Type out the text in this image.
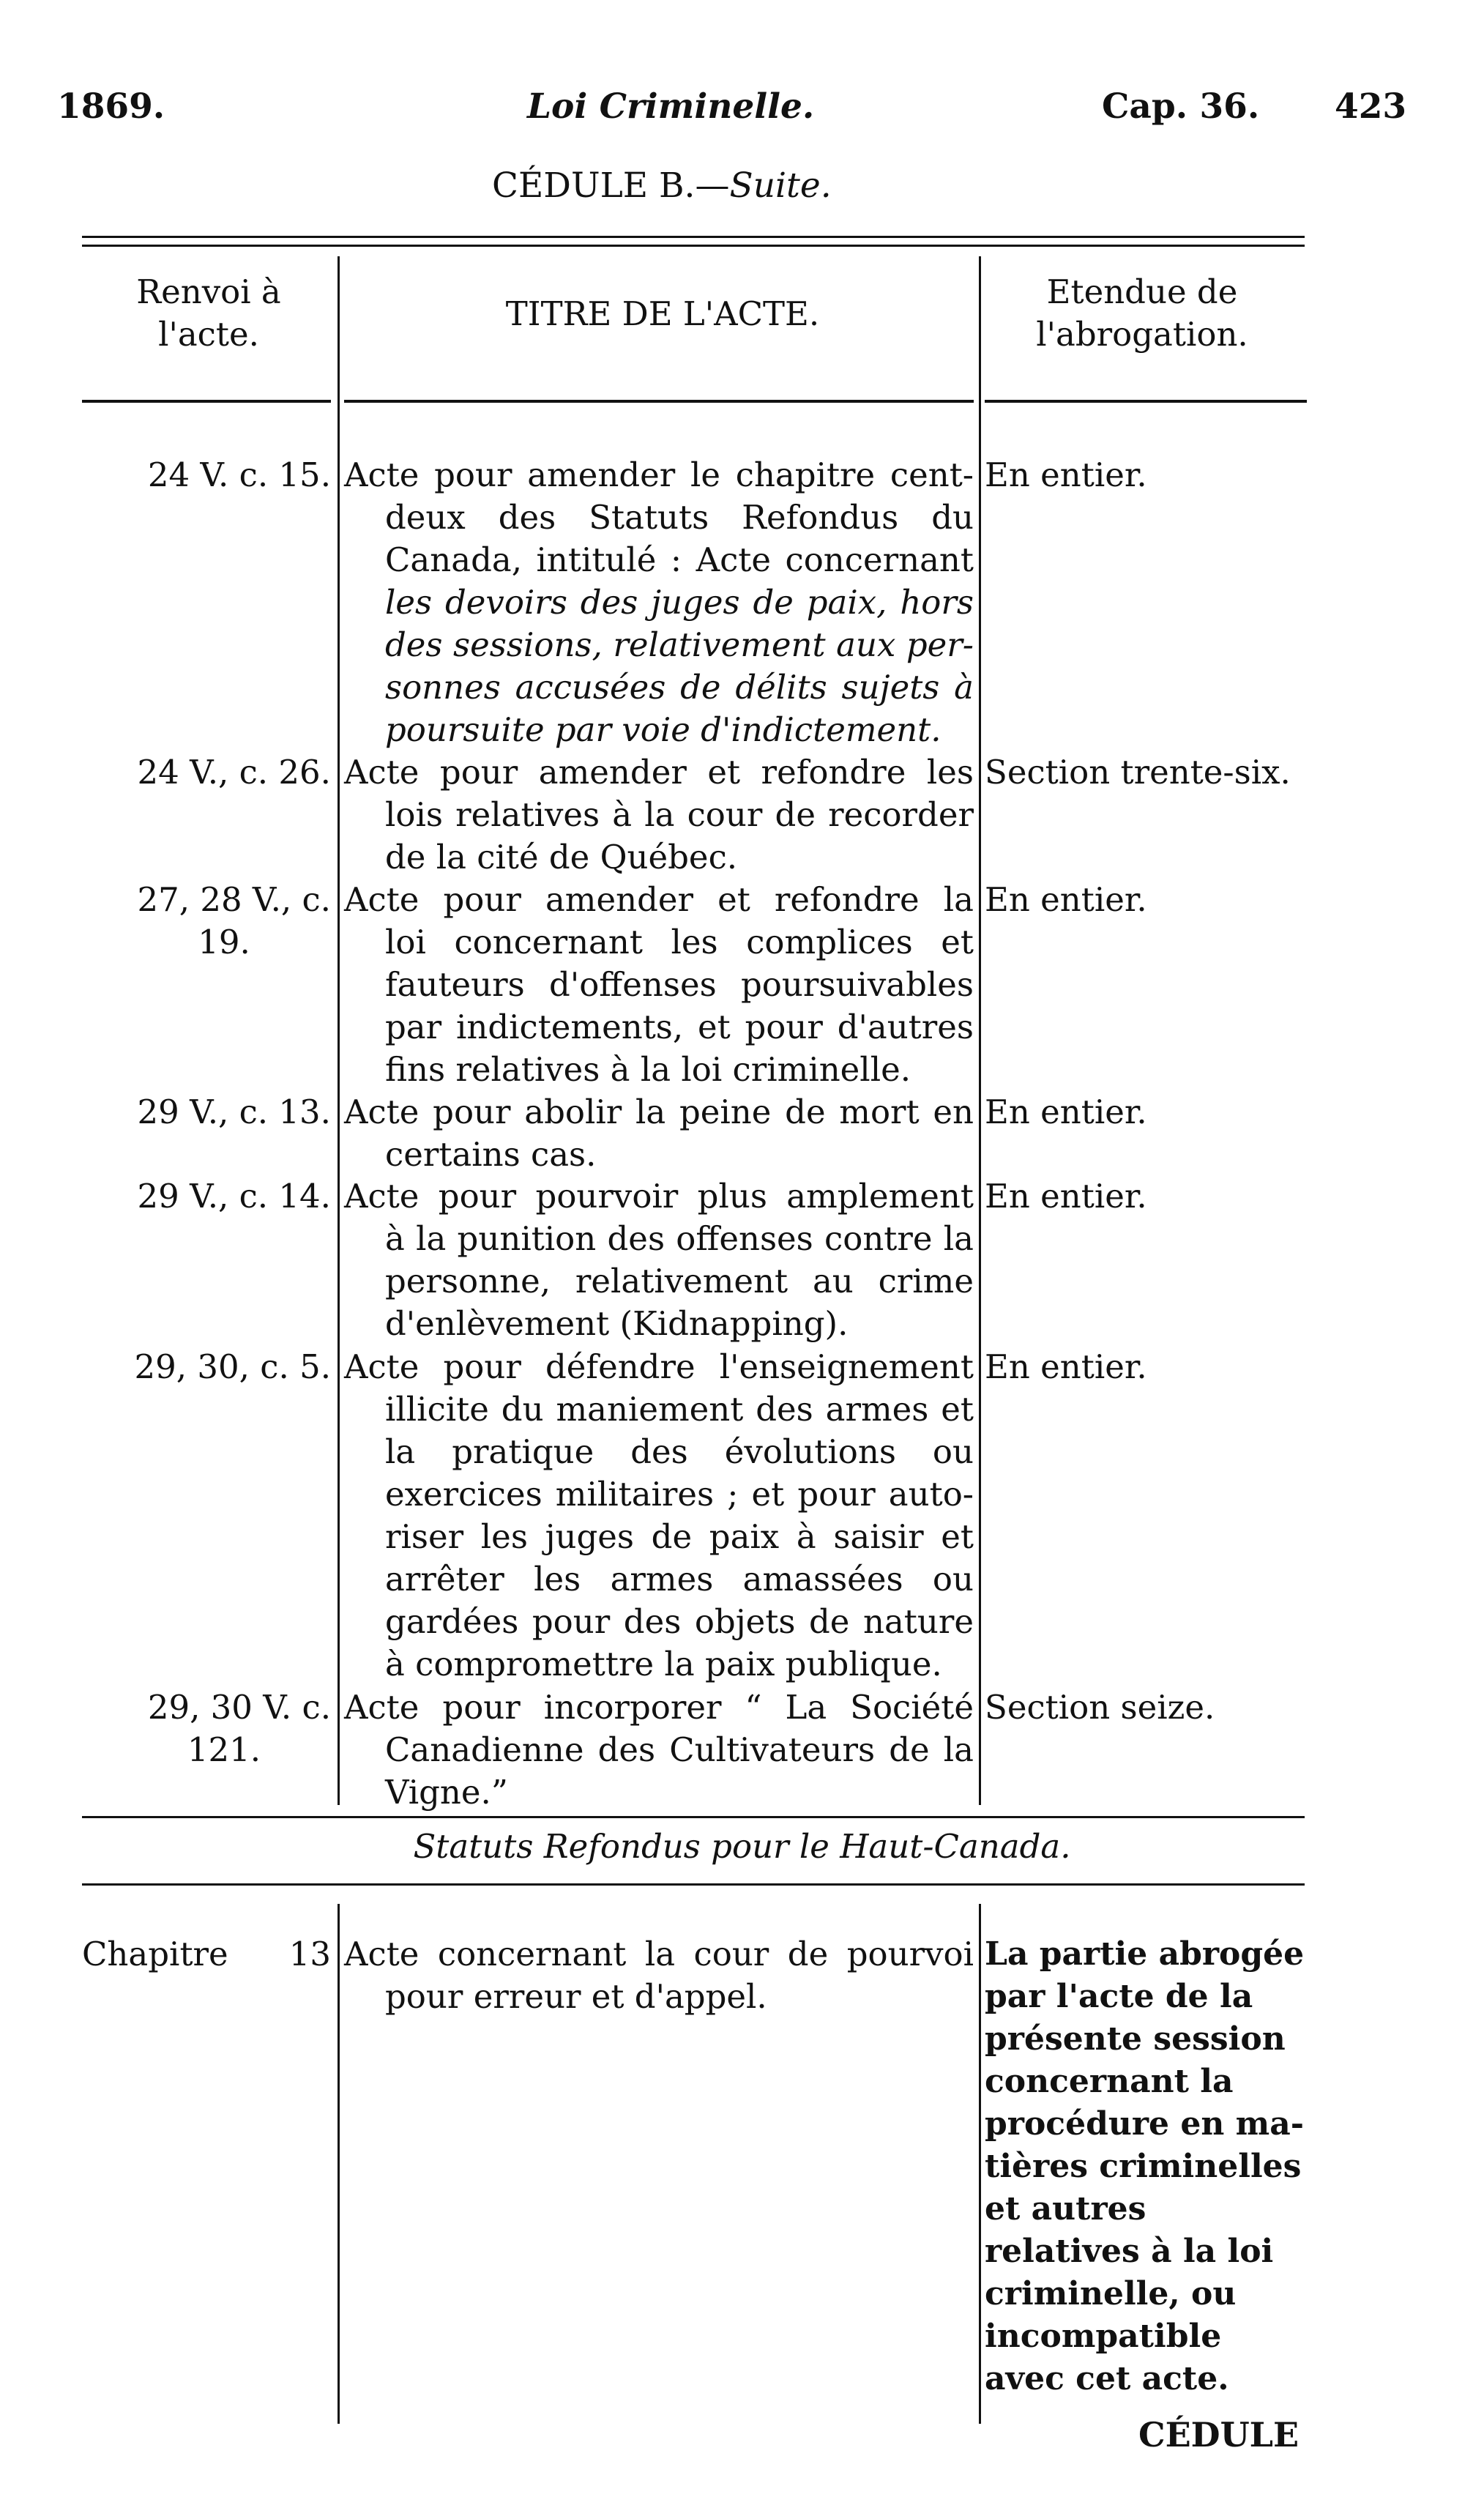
1869.	Loi Criminelle.	Cap. 36. 423
CÉDULE B.—Suite.
Renvoi à
l'acte.
TITRE DE L'ACTE.
Etendue de
l'abrogation.
24 V. c. 15. Acte pour amender le chapitre cent-
deux des Statuts Refondus du
Canada, intitulé : Acte concernant
les devoirs des juges de paix, hors
des sessions, relativement aux per-
sonnes accusées de délits sujets à
poursuite par voie d'indictement.
En entier.
24 V., c. 26. Acte pour amender et refondre les
lois relatives à la cour de recorder
de la cité de Québec.
Section trente-six.
27, 28 V., c.
19.
Acte pour amender et refondre la
loi concernant les complices et
fauteurs d'offenses poursuivables
par indictements, et pour d'autres
fins relatives à la loi criminelle.
En entier.
29 V., c. 13. Acte pour abolir la peine de mort en
certains cas.
En entier.
29 V., c. 14. Acte pour pourvoir plus amplement
à la punition des offenses contre la
personne, relativement au crime
d'enlèvement (Kidnapping).
En entier.
29, 30, c. 5. Acte pour défendre l'enseignement
illicite du maniement des armes et
la pratique des évolutions ou
exercices militaires ; et pour auto-
riser les juges de paix à saisir et
arrêter les armes amassées ou
gardées pour des objets de nature
à compromettre la paix publique.
En entier.
29, 30 V. c.
121.
Acte pour incorporer “ La Société
Canadienne des Cultivateurs de la
Vigne.”
Section seize.
Statuts Refondus pour le Haut-Canada.
Chapitre 13 Acte concernant la cour de pourvoi
pour erreur et d'appel.
La partie abrogée par l'acte de la présente session concernant la procédure en ma- tières criminelles et autres relatives à la loi criminelle, ou incompatible avec cet acte.
CÉDULE
